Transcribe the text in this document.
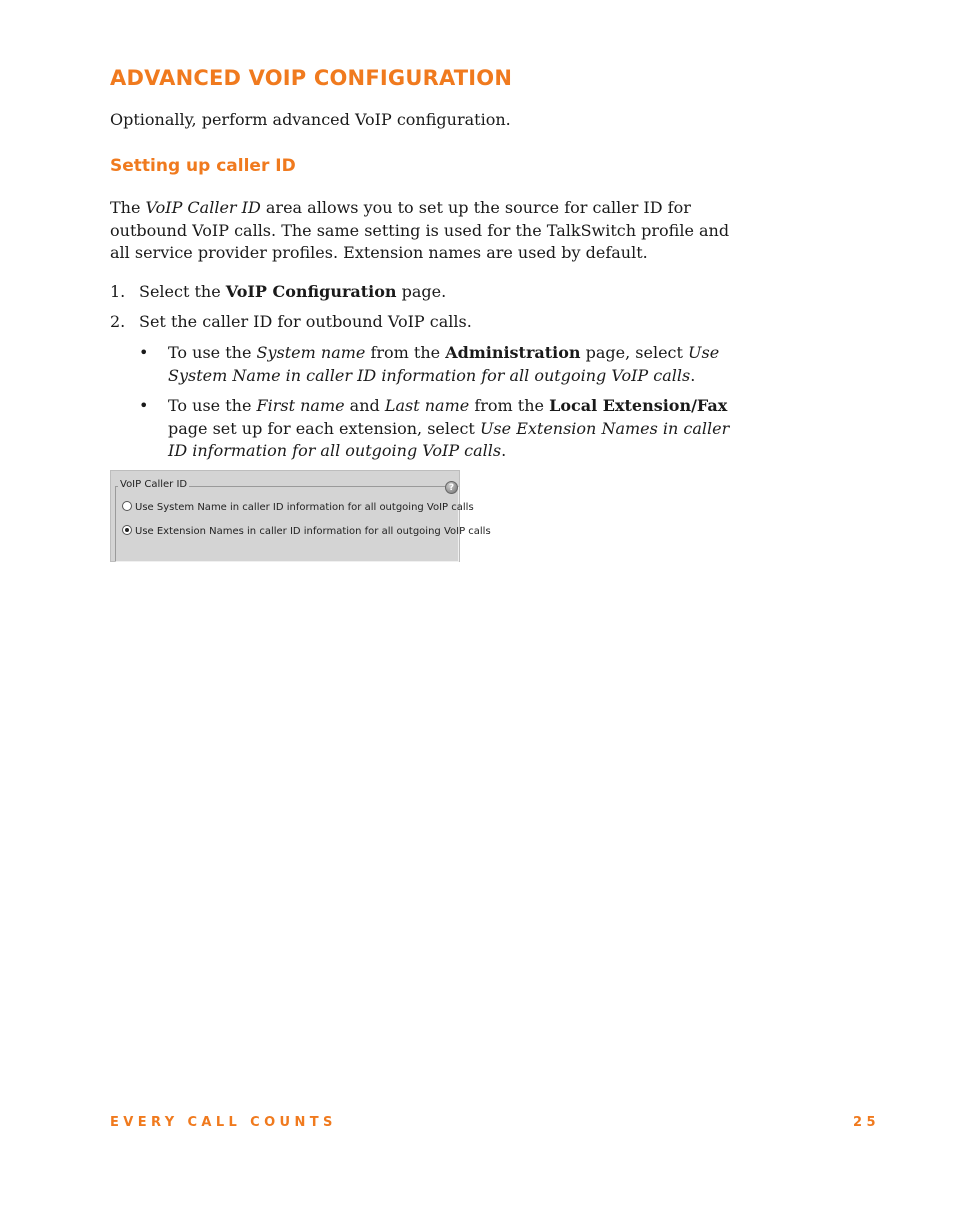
ADVANCED VOIP CONFIGURATION

Optionally, perform advanced VoIP configuration.

Setting up caller ID

The VoIP Caller ID area allows you to set up the source for caller ID for outbound VoIP calls. The same setting is used for the TalkSwitch profile and all service provider profiles. Extension names are used by default.

1. Select the VoIP Configuration page.

2. Set the caller ID for outbound VoIP calls.

• To use the System name from the Administration page, select Use System Name in caller ID information for all outgoing VoIP calls.
• To use the First name and Last name from the Local Extension/Fax page set up for each extension, select Use Extension Names in caller ID information for all outgoing VoIP calls.
VoIP Caller ID	?
Use System Name in caller ID information for all outgoing VoIP calls
Use Extension Names in caller ID information for all outgoing VoIP calls
EVERY CALL COUNTS	25
